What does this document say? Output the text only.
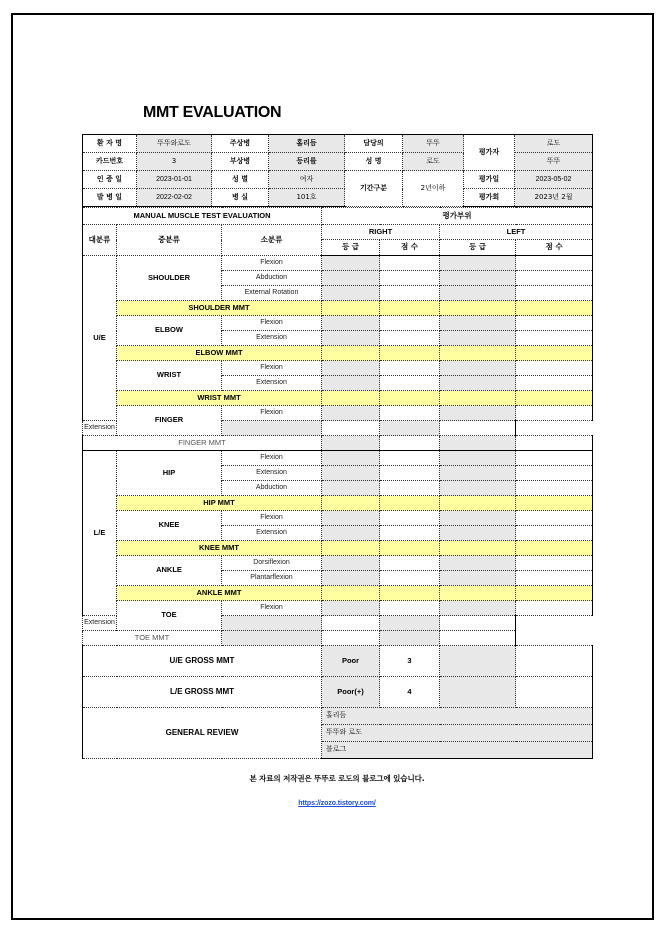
MMT EVALUATION
환 자 명	뚜뚜와로도	주상병	홀리듬	담당의	뚜뚜	평가자	로도
카드번호	3	부상병	등리를	성 명	로도		뚜뚜
인 증 일	2023-01-01	성 별	여자	기간구분	2년이하	평가일	2023-05-02
발 병 일	2022-02-02	병 실	101호			평가회	2023년 2월
MANUAL MUSCLE TEST EVALUATION			평가부위			
대분류	중분류	소분류	RIGHT		LEFT	
			등 급	점 수	등 급	점 수
U/E	SHOULDER	Flexion				
		Abduction				
		External Rotation				
	SHOULDER MMT					
	ELBOW	Flexion				
		Extension				
	ELBOW MMT					
	WRIST	Flexion				
		Extension				
	WRIST MMT					
	FINGER	Flexion				
Extension						
FINGER MMT						
L/E	HIP	Flexion				
		Extension				
		Abduction				
	HIP MMT					
	KNEE	Flexion				
		Extension				
	KNEE MMT					
	ANKLE	Dorsiflexion				
		Plantarflexion				
	ANKLE MMT					
	TOE	Flexion				
Extension						
TOE MMT						
U/E GROSS MMT			Poor	3		
L/E GROSS MMT			Poor(+)	4		
GENERAL REVIEW			홀리듬			
			뚜뚜와 로도			
			블로그			
본 자료의 저작권은 뚜뚜로 로도의 블로그에 있습니다.
https://zozo.tistory.com/
